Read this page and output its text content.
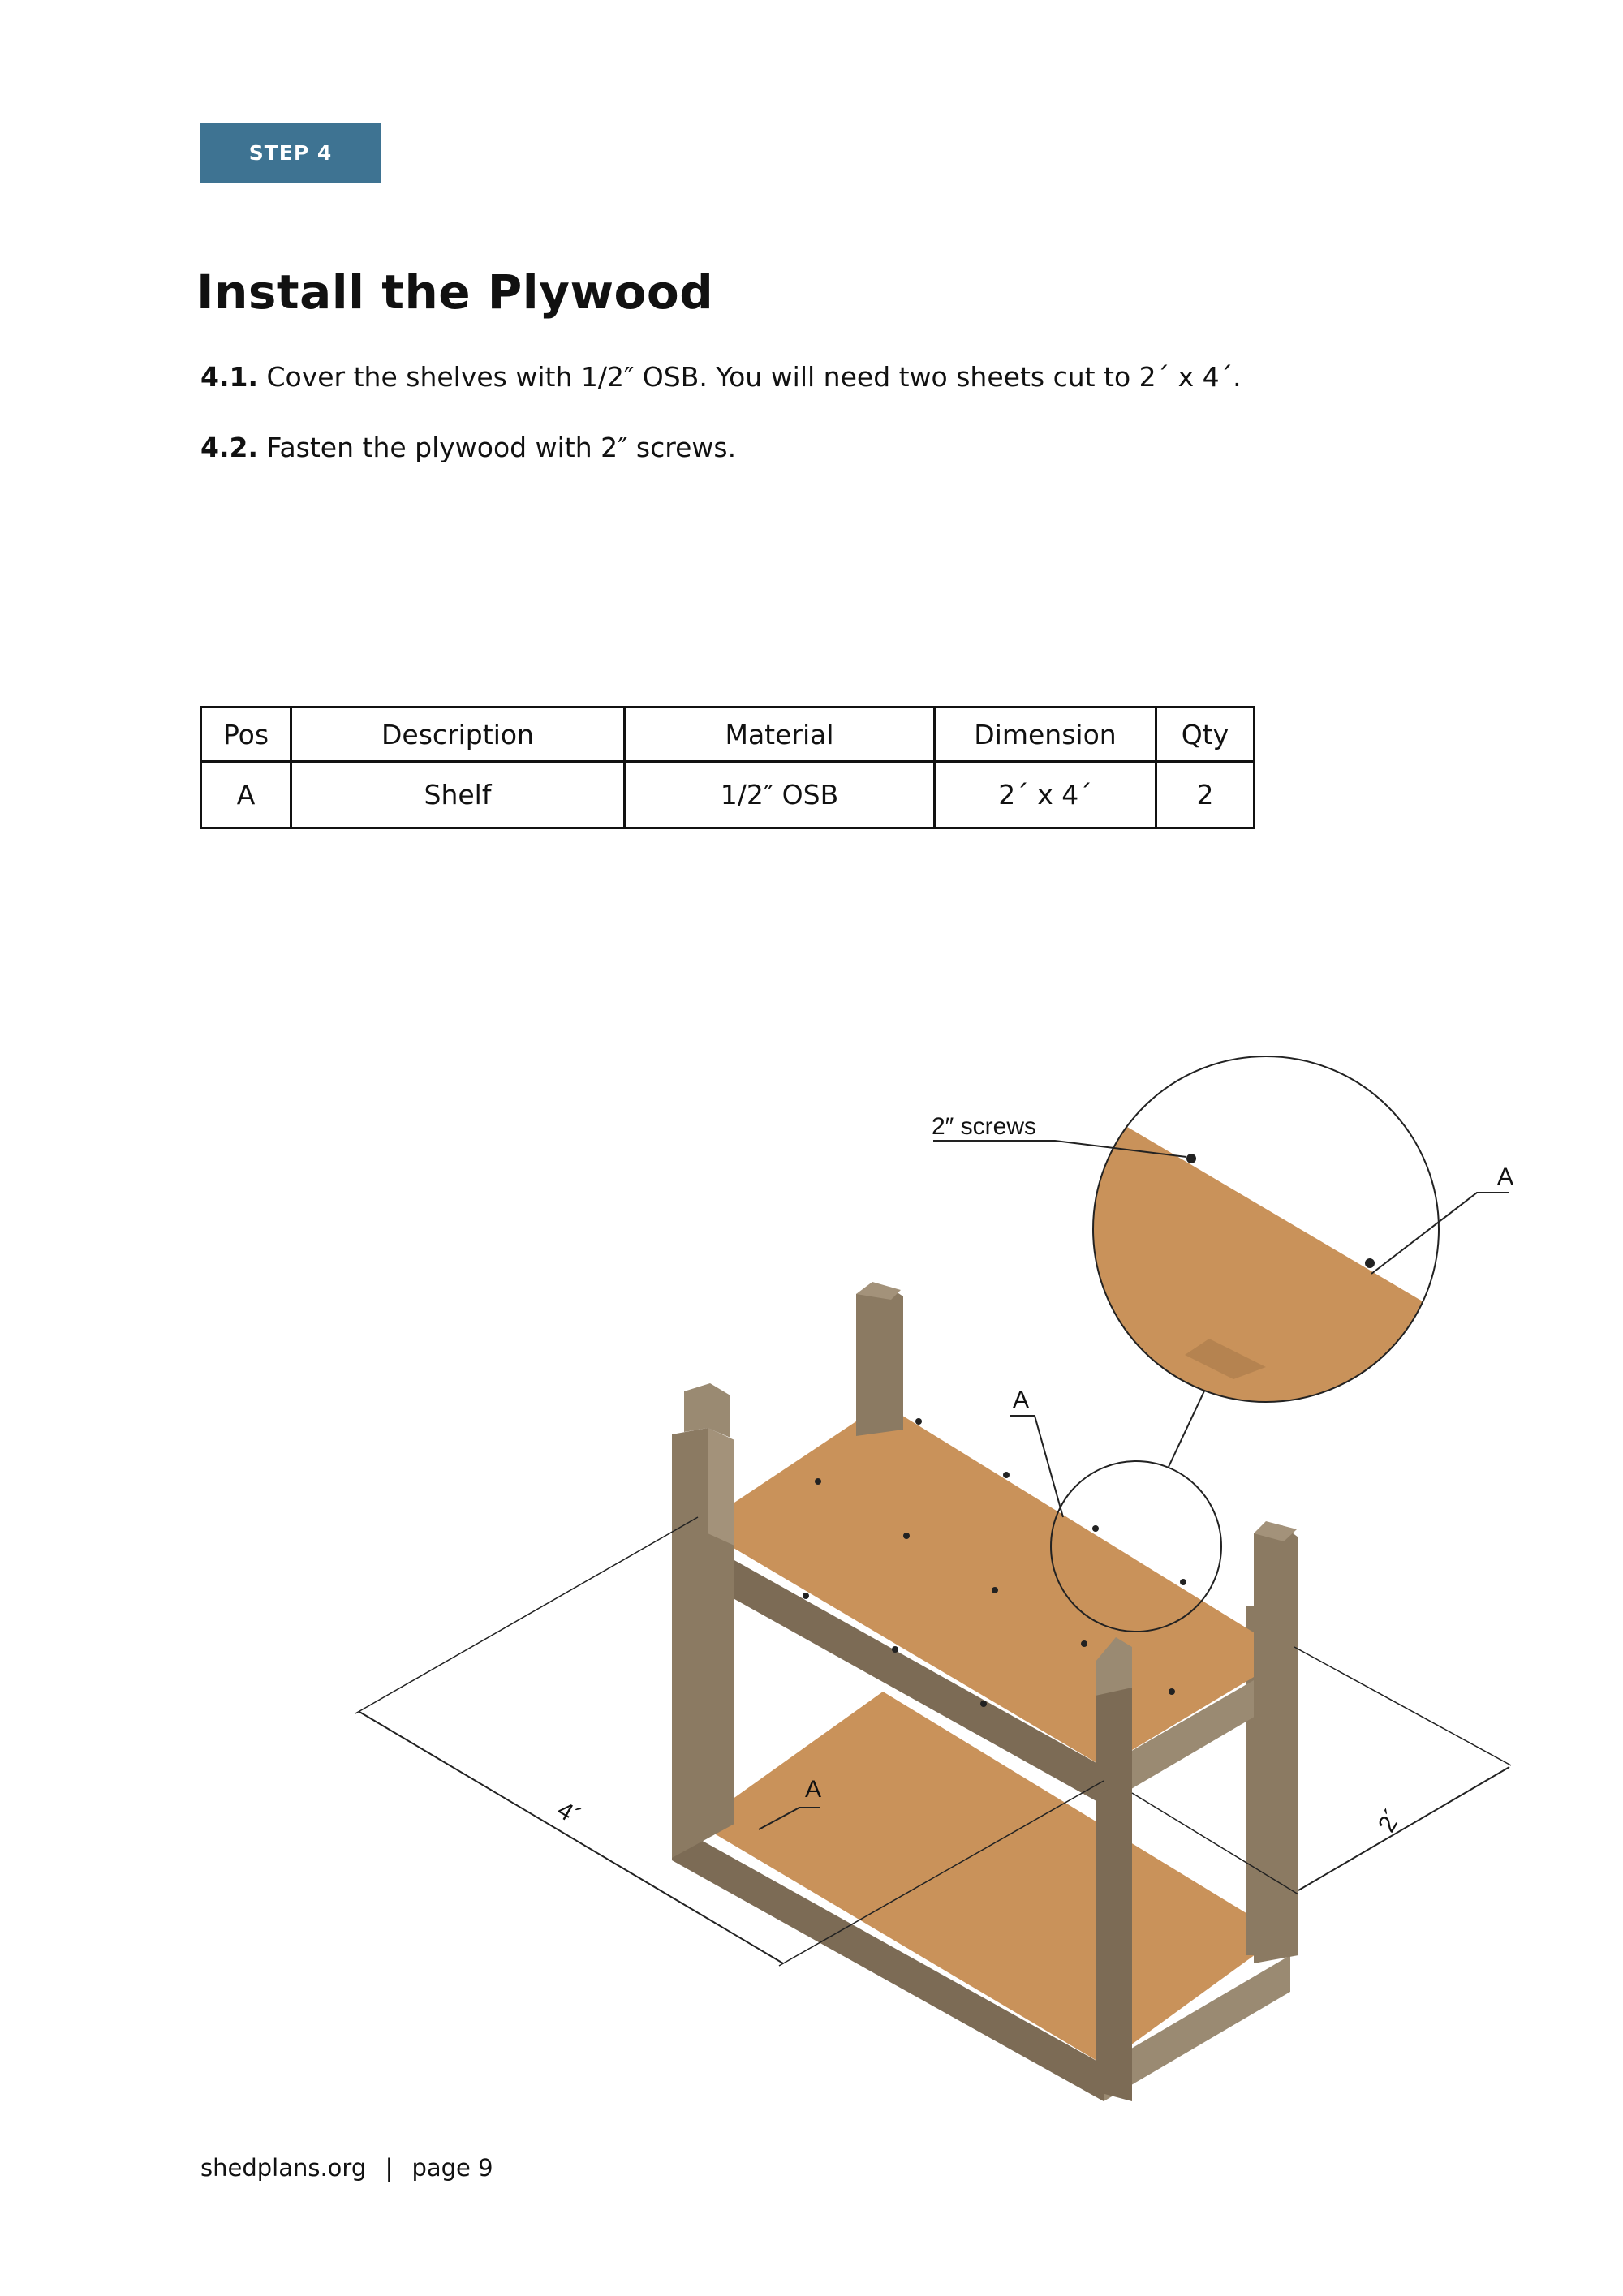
STEP 4
Install the Plywood

4.1. Cover the shelves with 1/2″ OSB. You will need two sheets cut to 2´ x 4´.

4.2. Fasten the plywood with 2″ screws.

Pos	Description	Material	Dimension	Qty
A	Shelf	1/2″ OSB	2´ x 4´	2
2″ screws
A
A
A
4´	2´
shedplans.org | page 9
